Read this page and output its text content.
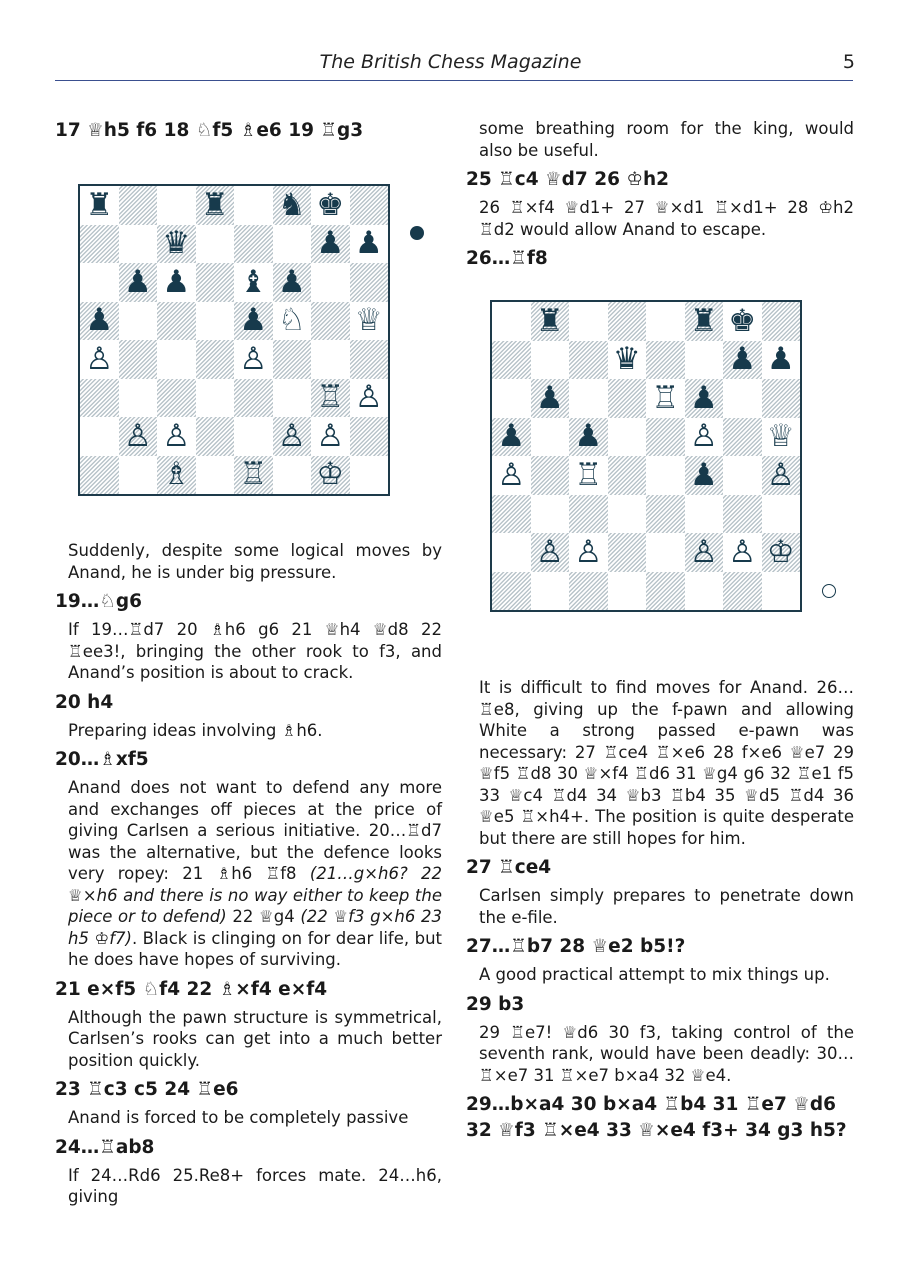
The British Chess Magazine	5

17 ♕h5 f6 18 ♘f5 ♗e6 19 ♖g3

♜	♜ ♞ ♚
♛	♟ ♟
♟ ♟ ♝ ♟
♟	♟ ♘ ♕
♙	♙
♖ ♙
♙ ♙	♙ ♙
♗ ♖ ♔

Suddenly, despite some logical moves by Anand, he is under big pressure.

19…♘g6

If 19…♖d7 20 ♗h6 g6 21 ♕h4 ♕d8 22 ♖ee3!, bringing the other rook to f3, and Anand’s position is about to crack.

20 h4

Preparing ideas involving ♗h6.

20…♗xf5

Anand does not want to defend any more and exchanges off pieces at the price of giving Carlsen a serious initiative. 20…♖d7 was the alternative, but the defence looks very ropey: 21 ♗h6 ♖f8 (21…g×h6? 22 ♕×h6 and there is no way either to keep the piece or to defend) 22 ♕g4 (22 ♕f3 g×h6 23 h5 ♔f7). Black is clinging on for dear life, but he does have hopes of surviving.

21 e×f5 ♘f4 22 ♗×f4 e×f4

Although the pawn structure is symmetrical, Carlsen’s rooks can get into a much better position quickly.

23 ♖c3 c5 24 ♖e6

Anand is forced to be completely passive

24…♖ab8

If 24…Rd6 25.Re8+ forces mate. 24…h6, giving

some breathing room for the king, would also be useful.

25 ♖c4 ♕d7 26 ♔h2

26 ♖×f4 ♕d1+ 27 ♕×d1 ♖×d1+ 28 ♔h2 ♖d2 would allow Anand to escape.

26…♖f8

♜	♜ ♚
♛	♟ ♟
♟	♖ ♟
♟ ♟	♙ ♕
♙ ♖	♟ ♙
♙ ♙	♙ ♙ ♔

It is difficult to find moves for Anand. 26…♖e8, giving up the f-pawn and allowing White a strong passed e-pawn was necessary: 27 ♖ce4 ♖×e6 28 f×e6 ♕e7 29 ♕f5 ♖d8 30 ♕×f4 ♖d6 31 ♕g4 g6 32 ♖e1 f5 33 ♕c4 ♖d4 34 ♕b3 ♖b4 35 ♕d5 ♖d4 36 ♕e5 ♖×h4+. The position is quite desperate but there are still hopes for him.

27 ♖ce4

Carlsen simply prepares to penetrate down the e-file.

27…♖b7 28 ♕e2 b5!?

A good practical attempt to mix things up.

29 b3

29 ♖e7! ♕d6 30 f3, taking control of the seventh rank, would have been deadly: 30…♖×e7 31 ♖×e7 b×a4 32 ♕e4.

29…b×a4 30 b×a4 ♖b4 31 ♖e7 ♕d6 32 ♕f3 ♖×e4 33 ♕×e4 f3+ 34 g3 h5?
